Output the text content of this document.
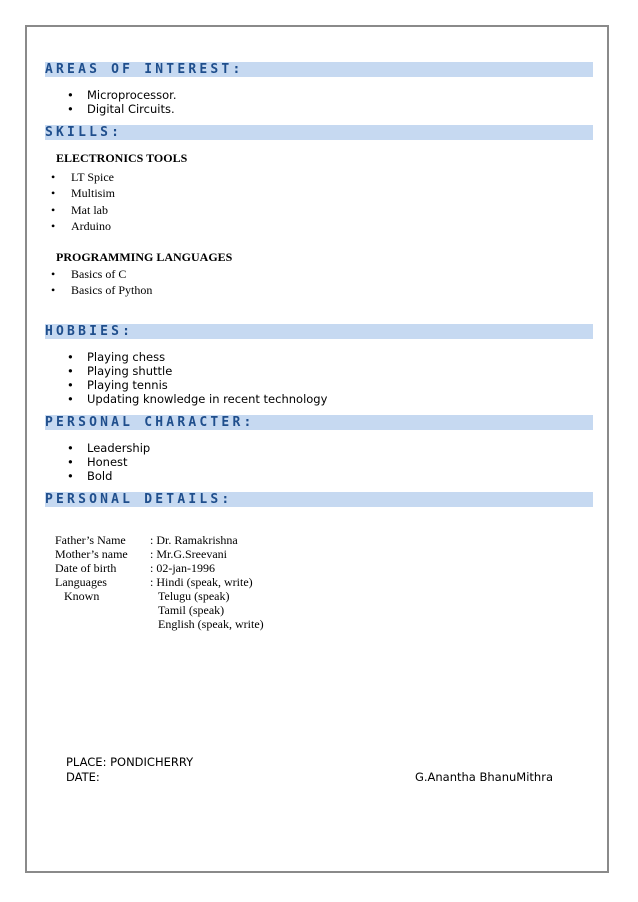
AREAS OF INTEREST:
• Microprocessor.
• Digital Circuits.
SKILLS:
ELECTRONICS TOOLS
• LT Spice
• Multisim
• Mat lab
• Arduino
PROGRAMMING LANGUAGES
• Basics of C
• Basics of Python
HOBBIES:
• Playing chess
• Playing shuttle
• Playing tennis
• Updating knowledge in recent technology
PERSONAL CHARACTER:
• Leadership
• Honest
• Bold
PERSONAL DETAILS:
Father’s Name : Dr. Ramakrishna
Mother’s name : Mr.G.Sreevani
Date of birth	: 02-jan-1996
Languages	: Hindi (speak, write)
Known	Telugu (speak)
Tamil (speak)
English (speak, write)
PLACE: PONDICHERRY
DATE:	G.Anantha BhanuMithra
